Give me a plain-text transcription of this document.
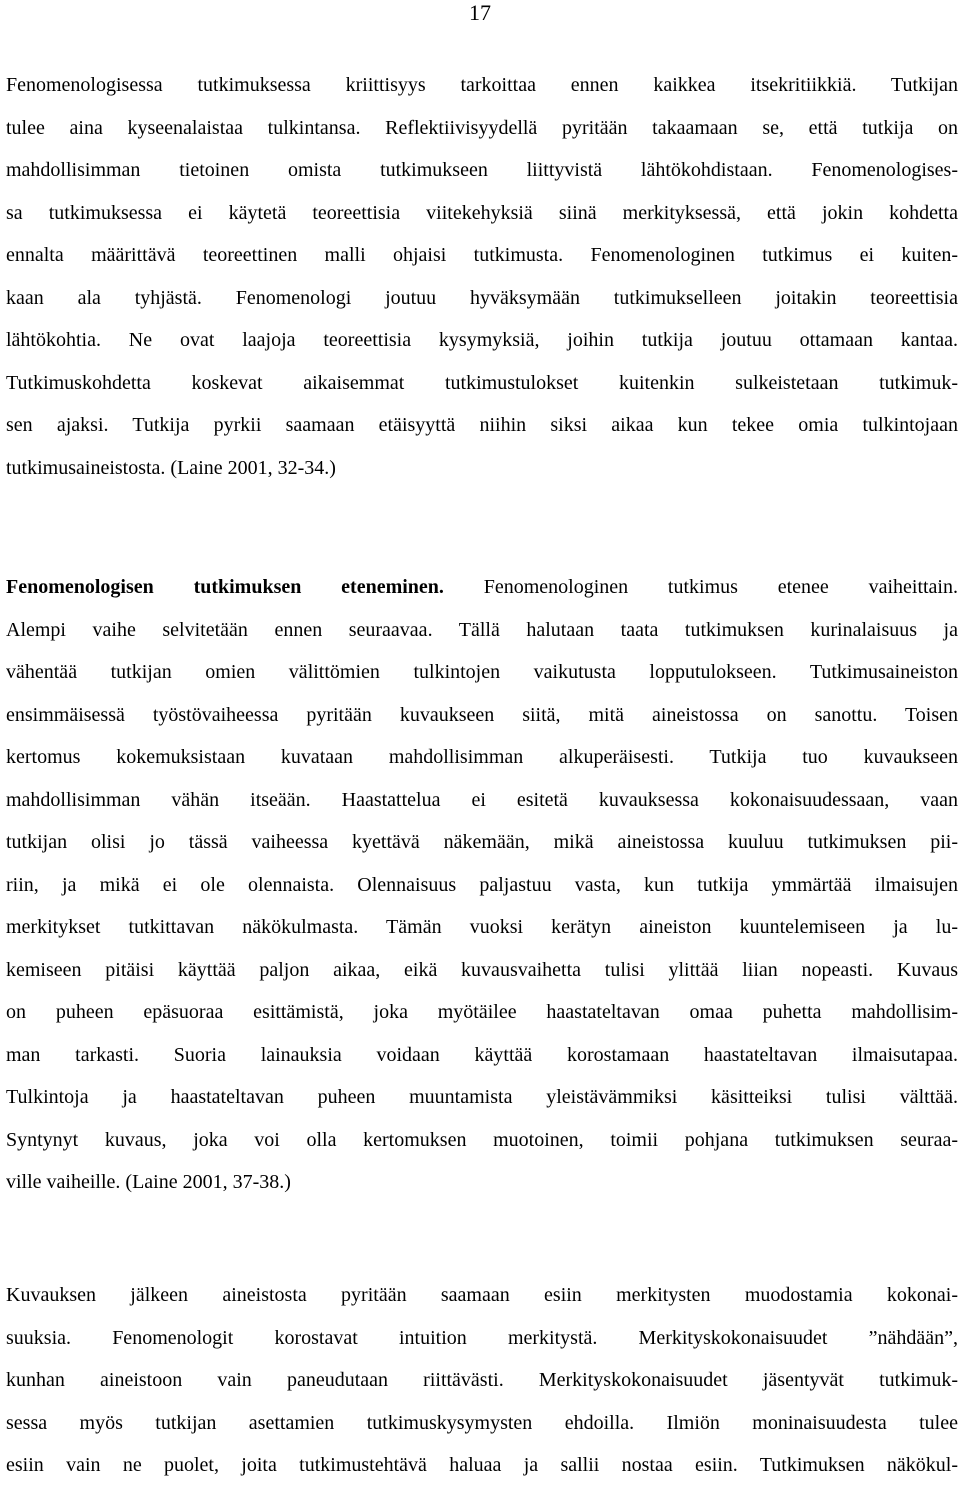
17
Fenomenologisessa tutkimuksessa kriittisyys tarkoittaa ennen kaikkea itsekritiikkiä. Tutkijan
tulee aina kyseenalaistaa tulkintansa. Reflektiivisyydellä pyritään takaamaan se, että tutkija on
mahdollisimman tietoinen omista tutkimukseen liittyvistä lähtökohdistaan. Fenomenologises-
sa tutkimuksessa ei käytetä teoreettisia viitekehyksiä siinä merkityksessä, että jokin kohdetta
ennalta määrittävä teoreettinen malli ohjaisi tutkimusta. Fenomenologinen tutkimus ei kuiten-
kaan ala tyhjästä. Fenomenologi joutuu hyväksymään tutkimukselleen joitakin teoreettisia
lähtökohtia. Ne ovat laajoja teoreettisia kysymyksiä, joihin tutkija joutuu ottamaan kantaa.
Tutkimuskohdetta koskevat aikaisemmat tutkimustulokset kuitenkin sulkeistetaan tutkimuk-
sen ajaksi. Tutkija pyrkii saamaan etäisyyttä niihin siksi aikaa kun tekee omia tulkintojaan
tutkimusaineistosta. (Laine 2001, 32-34.)
Fenomenologisen tutkimuksen eteneminen. Fenomenologinen tutkimus etenee vaiheittain.
Alempi vaihe selvitetään ennen seuraavaa. Tällä halutaan taata tutkimuksen kurinalaisuus ja
vähentää tutkijan omien välittömien tulkintojen vaikutusta lopputulokseen. Tutkimusaineiston
ensimmäisessä työstövaiheessa pyritään kuvaukseen siitä, mitä aineistossa on sanottu. Toisen
kertomus kokemuksistaan kuvataan mahdollisimman alkuperäisesti. Tutkija tuo kuvaukseen
mahdollisimman vähän itseään. Haastattelua ei esitetä kuvauksessa kokonaisuudessaan, vaan
tutkijan olisi jo tässä vaiheessa kyettävä näkemään, mikä aineistossa kuuluu tutkimuksen pii-
riin, ja mikä ei ole olennaista. Olennaisuus paljastuu vasta, kun tutkija ymmärtää ilmaisujen
merkitykset tutkittavan näkökulmasta. Tämän vuoksi kerätyn aineiston kuuntelemiseen ja lu-
kemiseen pitäisi käyttää paljon aikaa, eikä kuvausvaihetta tulisi ylittää liian nopeasti. Kuvaus
on puheen epäsuoraa esittämistä, joka myötäilee haastateltavan omaa puhetta mahdollisim-
man tarkasti. Suoria lainauksia voidaan käyttää korostamaan haastateltavan ilmaisutapaa.
Tulkintoja ja haastateltavan puheen muuntamista yleistävämmiksi käsitteiksi tulisi välttää.
Syntynyt kuvaus, joka voi olla kertomuksen muotoinen, toimii pohjana tutkimuksen seuraa-
ville vaiheille. (Laine 2001, 37-38.)
Kuvauksen jälkeen aineistosta pyritään saamaan esiin merkitysten muodostamia kokonai-
suuksia. Fenomenologit korostavat intuition merkitystä. Merkityskokonaisuudet ”nähdään”,
kunhan aineistoon vain paneudutaan riittävästi. Merkityskokonaisuudet jäsentyvät tutkimuk-
sessa myös tutkijan asettamien tutkimuskysymysten ehdoilla. Ilmiön moninaisuudesta tulee
esiin vain ne puolet, joita tutkimustehtävä haluaa ja sallii nostaa esiin. Tutkimuksen näkökul-
